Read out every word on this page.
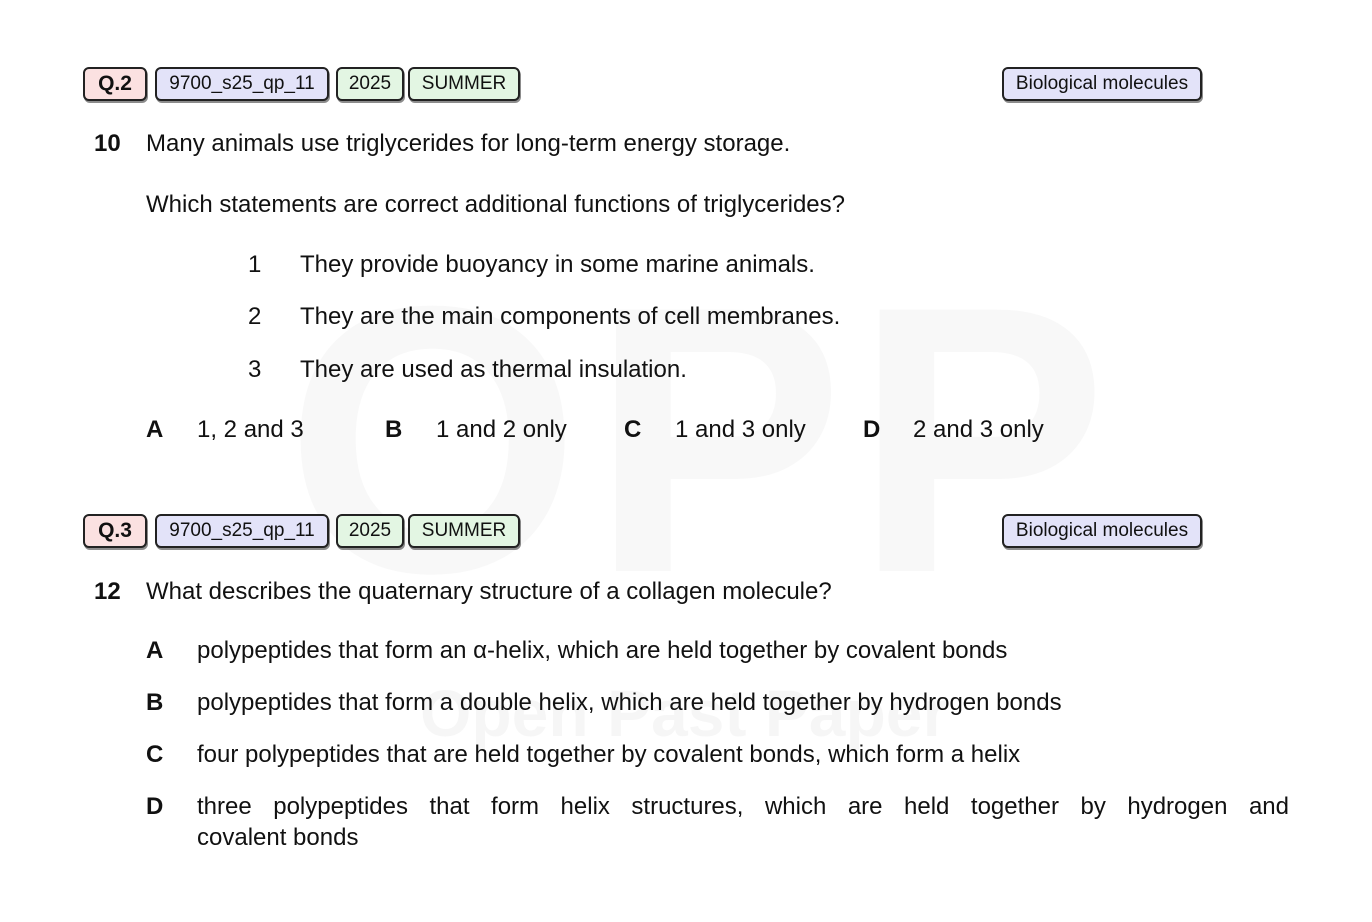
Q.2	9700_s25_qp_11	2025	SUMMER	Biological molecules
10 Many animals use triglycerides for long-term energy storage.
Which statements are correct additional functions of triglycerides?
1 They provide buoyancy in some marine animals.
2 They are the main components of cell membranes.
3 They are used as thermal insulation.
A 1, 2 and 3	B 1 and 2 only C 1 and 3 only D 2 and 3 only
Q.3	9700_s25_qp_11	2025	SUMMER	Biological molecules
12 What describes the quaternary structure of a collagen molecule?
A polypeptides that form an α-helix, which are held together by covalent bonds
B polypeptides that form a double helix, which are held together by hydrogen bonds
C four polypeptides that are held together by covalent bonds, which form a helix
D three polypeptides that form helix structures, which are held together by hydrogen and
covalent bonds
